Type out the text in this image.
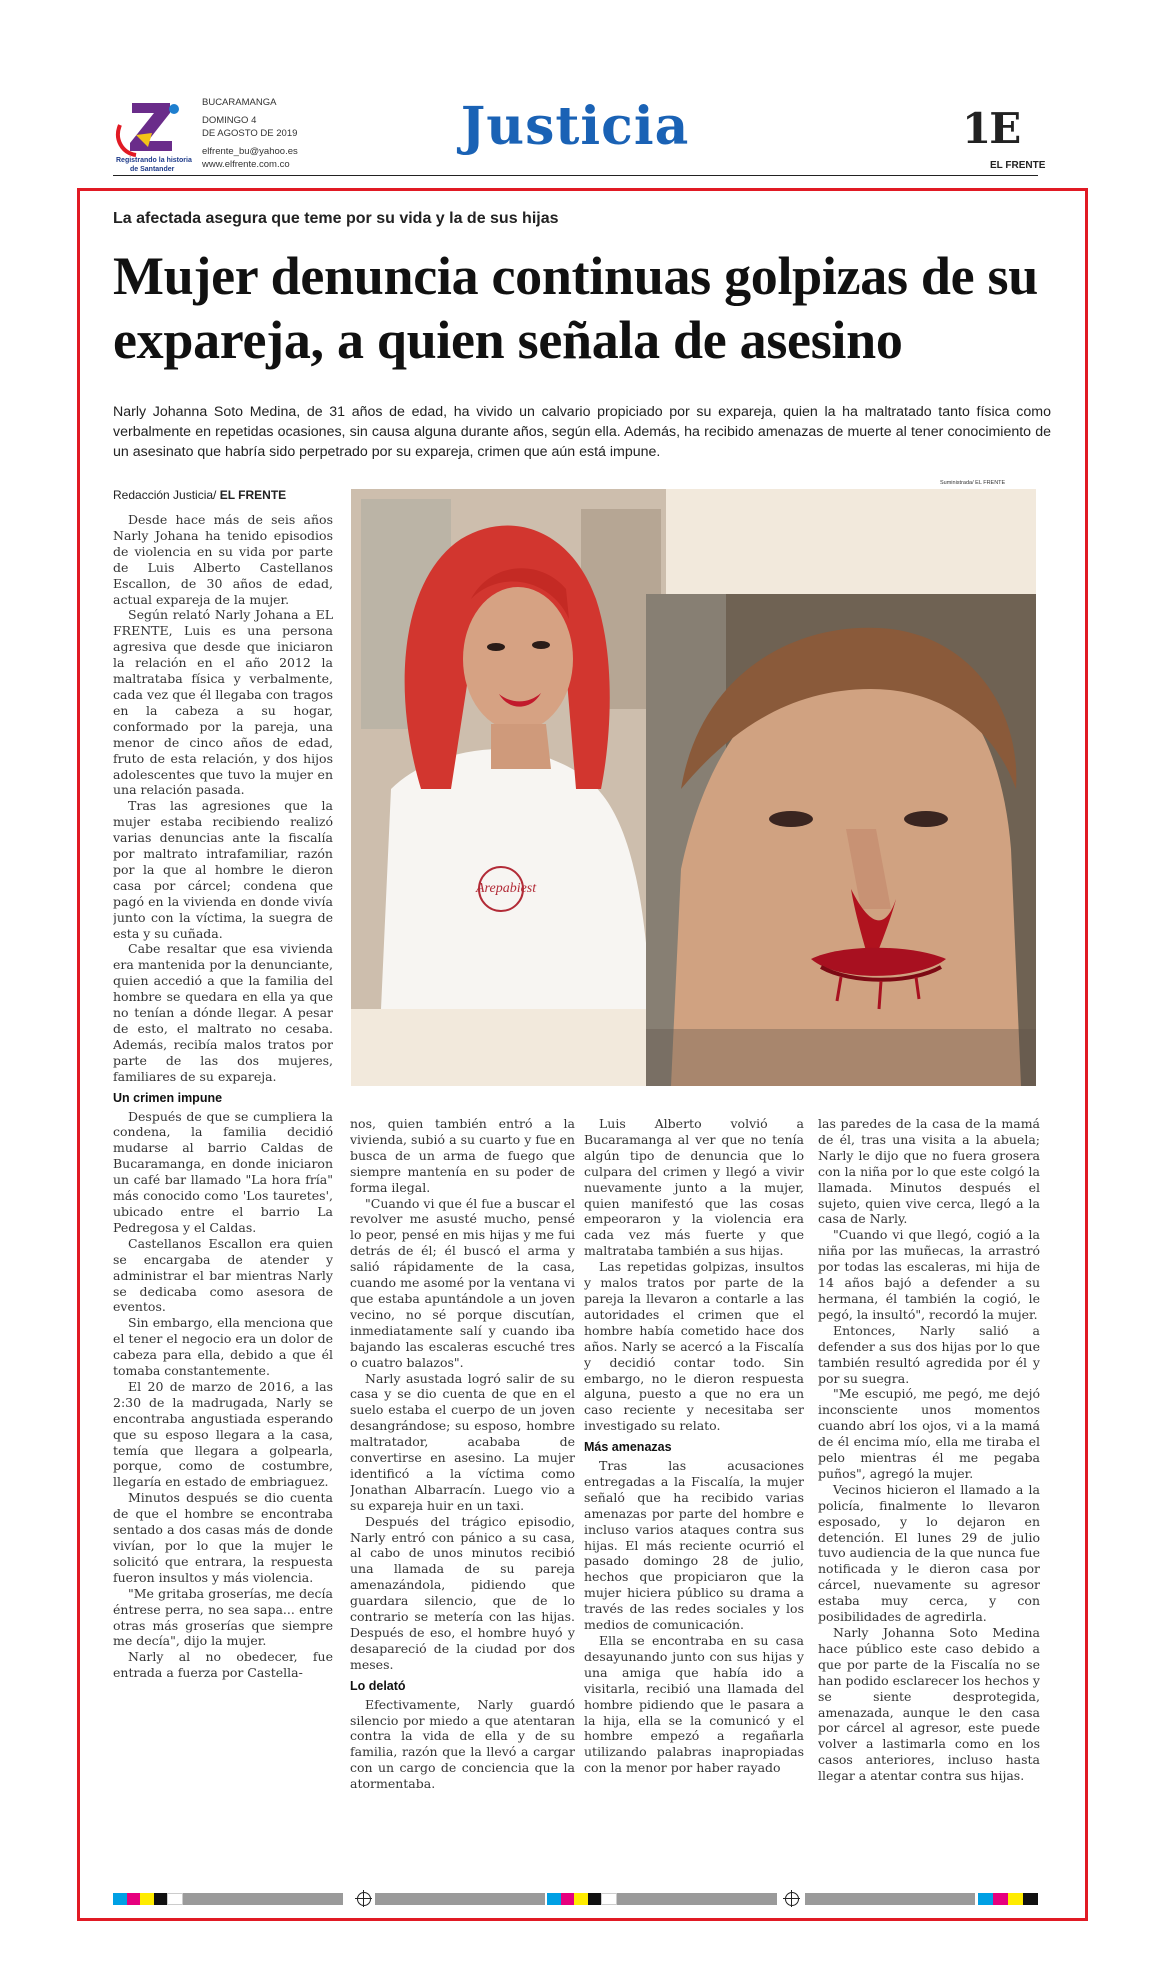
Registrando la historia
de Santander
BUCARAMANGA
DOMINGO 4
DE AGOSTO DE 2019
elfrente_bu@yahoo.es
www.elfrente.com.co
Justicia	1E
EL FRENTE
La afectada asegura que teme por su vida y la de sus hijas
Mujer denuncia continuas golpizas de su expareja, a quien señala de asesino
Narly Johanna Soto Medina, de 31 años de edad, ha vivido un calvario propiciado por su expareja, quien la ha maltratado tanto física como verbalmente en repetidas ocasiones, sin causa alguna durante años, según ella. Además, ha recibido amenazas de muerte al tener conocimiento de un asesinato que habría sido perpetrado por su expareja, crimen que aún está impune.
Redacción Justicia/ EL FRENTE
Suministrada/ EL FRENTE
Arepabiest

Desde hace más de seis años Narly Johana ha tenido episodios de violencia en su vida por parte de Luis Alberto Castellanos Escallon, de 30 años de edad, actual expareja de la mujer.

Según relató Narly Johana a EL FRENTE, Luis es una persona agresiva que desde que iniciaron la relación en el año 2012 la maltrataba física y verbalmente, cada vez que él llegaba con tragos en la cabeza a su hogar, conformado por la pareja, una menor de cinco años de edad, fruto de esta relación, y dos hijos adolescentes que tuvo la mujer en una relación pasada.

Tras las agresiones que la mujer estaba recibiendo realizó varias denuncias ante la fiscalía por maltrato intrafamiliar, razón por la que al hombre le dieron casa por cárcel; condena que pagó en la vivienda en donde vivía junto con la víctima, la suegra de esta y su cuñada.

Cabe resaltar que esa vivienda era mantenida por la denunciante, quien accedió a que la familia del hombre se quedara en ella ya que no tenían a dónde llegar. A pesar de esto, el maltrato no cesaba. Además, recibía malos tratos por parte de las dos mujeres, familiares de su expareja.

Un crimen impune

Después de que se cumpliera la condena, la familia decidió mudarse al barrio Caldas de Bucaramanga, en donde iniciaron un café bar llamado "La hora fría" más conocido como 'Los tauretes', ubicado entre el barrio La Pedregosa y el Caldas.

Castellanos Escallon era quien se encargaba de atender y administrar el bar mientras Narly se dedicaba como asesora de eventos.

Sin embargo, ella menciona que el tener el negocio era un dolor de cabeza para ella, debido a que él tomaba constantemente.

El 20 de marzo de 2016, a las 2:30 de la madrugada, Narly se encontraba angustiada esperando que su esposo llegara a la casa, temía que llegara a golpearla, porque, como de costumbre, llegaría en estado de embriaguez.

Minutos después se dio cuenta de que el hombre se encontraba sentado a dos casas más de donde vivían, por lo que la mujer le solicitó que entrara, la respuesta fueron insultos y más violencia.

"Me gritaba groserías, me decía éntrese perra, no sea sapa... entre otras más groserías que siempre me decía", dijo la mujer.

Narly al no obedecer, fue entrada a fuerza por Castella-

nos, quien también entró a la vivienda, subió a su cuarto y fue en busca de un arma de fuego que siempre mantenía en su poder de forma ilegal.

"Cuando vi que él fue a buscar el revolver me asusté mucho, pensé lo peor, pensé en mis hijas y me fui detrás de él; él buscó el arma y salió rápidamente de la casa, cuando me asomé por la ventana vi que estaba apuntándole a un joven vecino, no sé porque discutían, inmediatamente salí y cuando iba bajando las escaleras escuché tres o cuatro balazos".

Narly asustada logró salir de su casa y se dio cuenta de que en el suelo estaba el cuerpo de un joven desangrándose; su esposo, hombre maltratador, acababa de convertirse en asesino. La mujer identificó a la víctima como Jonathan Albarracín. Luego vio a su expareja huir en un taxi.

Después del trágico episodio, Narly entró con pánico a su casa, al cabo de unos minutos recibió una llamada de su pareja amenazándola, pidiendo que guardara silencio, que de lo contrario se metería con las hijas. Después de eso, el hombre huyó y desapareció de la ciudad por dos meses.

Lo delató

Efectivamente, Narly guardó silencio por miedo a que atentaran contra la vida de ella y de su familia, razón que la llevó a cargar con un cargo de conciencia que la atormentaba.

Luis Alberto volvió a Bucaramanga al ver que no tenía algún tipo de denuncia que lo culpara del crimen y llegó a vivir nuevamente junto a la mujer, quien manifestó que las cosas empeoraron y la violencia era cada vez más fuerte y que maltrataba también a sus hijas.

Las repetidas golpizas, insultos y malos tratos por parte de la pareja la llevaron a contarle a las autoridades el crimen que el hombre había cometido hace dos años. Narly se acercó a la Fiscalía y decidió contar todo. Sin embargo, no le dieron respuesta alguna, puesto a que no era un caso reciente y necesitaba ser investigado su relato.

Más amenazas

Tras las acusaciones entregadas a la Fiscalía, la mujer señaló que ha recibido varias amenazas por parte del hombre e incluso varios ataques contra sus hijas. El más reciente ocurrió el pasado domingo 28 de julio, hechos que propiciaron que la mujer hiciera público su drama a través de las redes sociales y los medios de comunicación.

Ella se encontraba en su casa desayunando junto con sus hijas y una amiga que había ido a visitarla, recibió una llamada del hombre pidiendo que le pasara a la hija, ella se la comunicó y el hombre empezó a regañarla utilizando palabras inapropiadas con la menor por haber rayado

las paredes de la casa de la mamá de él, tras una visita a la abuela; Narly le dijo que no fuera grosera con la niña por lo que este colgó la llamada. Minutos después el sujeto, quien vive cerca, llegó a la casa de Narly.

"Cuando vi que llegó, cogió a la niña por las muñecas, la arrastró por todas las escaleras, mi hija de 14 años bajó a defender a su hermana, él también la cogió, le pegó, la insultó", recordó la mujer.

Entonces, Narly salió a defender a sus dos hijas por lo que también resultó agredida por él y por su suegra.

"Me escupió, me pegó, me dejó inconsciente unos momentos cuando abrí los ojos, vi a la mamá de él encima mío, ella me tiraba el pelo mientras él me pegaba puños", agregó la mujer.

Vecinos hicieron el llamado a la policía, finalmente lo llevaron esposado, y lo dejaron en detención. El lunes 29 de julio tuvo audiencia de la que nunca fue notificada y le dieron casa por cárcel, nuevamente su agresor estaba muy cerca, y con posibilidades de agredirla.

Narly Johanna Soto Medina hace público este caso debido a que por parte de la Fiscalía no se han podido esclarecer los hechos y se siente desprotegida, amenazada, aunque le den casa por cárcel al agresor, este puede volver a lastimarla como en los casos anteriores, incluso hasta llegar a atentar contra sus hijas.
